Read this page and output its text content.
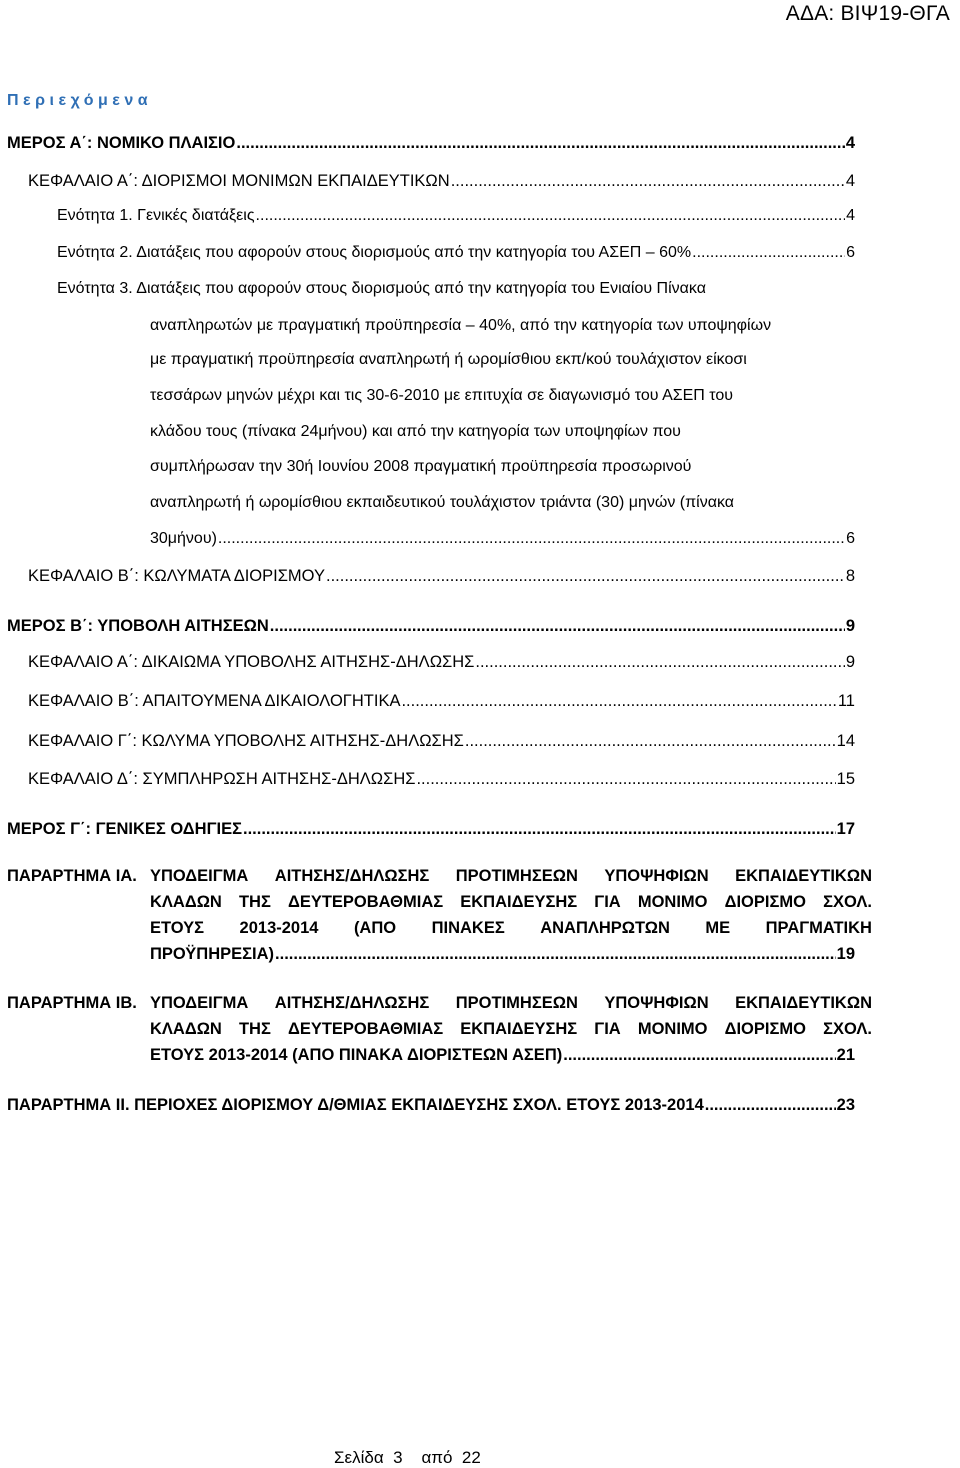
ΑΔΑ: ΒΙΨ19-ΘΓΑ
Περιεχόμενα
ΜΕΡΟΣ Α΄: ΝΟΜΙΚΟ ΠΛΑΙΣΙΟ .....	4
ΚΕΦΑΛΑΙΟ Α΄: ΔΙΟΡΙΣΜΟΙ ΜΟΝΙΜΩΝ ΕΚΠΑΙΔΕΥΤΙΚΩΝ .....	4
Ενότητα 1. Γενικές διατάξεις .....	4
Ενότητα 2. Διατάξεις που αφορούν στους διορισμούς από την κατηγορία του ΑΣΕΠ – 60% .....	6
Ενότητα 3. Διατάξεις που αφορούν στους διορισμούς από την κατηγορία του Ενιαίου Πίνακα
αναπληρωτών με πραγματική προϋπηρεσία – 40%, από την κατηγορία των υποψηφίων
με πραγματική προϋπηρεσία αναπληρωτή ή ωρομίσθιου εκπ/κού τουλάχιστον είκοσι
τεσσάρων μηνών μέχρι και τις 30-6-2010 με επιτυχία σε διαγωνισμό του ΑΣΕΠ του
κλάδου τους (πίνακα 24μήνου) και από την κατηγορία των υποψηφίων που
συμπλήρωσαν την 30ή Ιουνίου 2008 πραγματική προϋπηρεσία προσωρινού
αναπληρωτή ή ωρομίσθιου εκπαιδευτικού τουλάχιστον τριάντα (30) μηνών (πίνακα
30μήνου) .....	6
ΚΕΦΑΛΑΙΟ Β΄: ΚΩΛΥΜΑΤΑ ΔΙΟΡΙΣΜΟΥ .....	8
ΜΕΡΟΣ Β΄: ΥΠΟΒΟΛΗ ΑΙΤΗΣΕΩΝ .....	9
ΚΕΦΑΛΑΙΟ Α΄: ΔΙΚΑΙΩΜΑ ΥΠΟΒΟΛΗΣ ΑΙΤΗΣΗΣ-ΔΗΛΩΣΗΣ .....	9
ΚΕΦΑΛΑΙΟ Β΄: ΑΠΑΙΤΟΥΜΕΝΑ ΔΙΚΑΙΟΛΟΓΗΤΙΚΑ .....	11
ΚΕΦΑΛΑΙΟ Γ΄: ΚΩΛΥΜΑ ΥΠΟΒΟΛΗΣ ΑΙΤΗΣΗΣ-ΔΗΛΩΣΗΣ .....	14
ΚΕΦΑΛΑΙΟ Δ΄: ΣΥΜΠΛΗΡΩΣΗ ΑΙΤΗΣΗΣ-ΔΗΛΩΣΗΣ .....	15
ΜΕΡΟΣ Γ΄: ΓΕΝΙΚΕΣ ΟΔΗΓΙΕΣ .....	17
ΠΑΡΑΡΤΗΜΑ ΙΑ. ΥΠΟΔΕΙΓΜΑ ΑΙΤΗΣΗΣ/ΔΗΛΩΣΗΣ ΠΡΟΤΙΜΗΣΕΩΝ ΥΠΟΨΗΦΙΩΝ ΕΚΠΑΙΔΕΥΤΙΚΩΝ
ΚΛΑΔΩΝ ΤΗΣ ΔΕΥΤΕΡΟΒΑΘΜΙΑΣ ΕΚΠΑΙΔΕΥΣΗΣ ΓΙΑ ΜΟΝΙΜΟ ΔΙΟΡΙΣΜΟ ΣΧΟΛ.
ΕΤΟΥΣ 2013-2014 (ΑΠΟ ΠΙΝΑΚΕΣ ΑΝΑΠΛΗΡΩΤΩΝ ΜΕ ΠΡΑΓΜΑΤΙΚΗ
ΠΡΟΫΠΗΡΕΣΙΑ) .....	19
ΠΑΡΑΡΤΗΜΑ ΙΒ. ΥΠΟΔΕΙΓΜΑ ΑΙΤΗΣΗΣ/ΔΗΛΩΣΗΣ ΠΡΟΤΙΜΗΣΕΩΝ ΥΠΟΨΗΦΙΩΝ ΕΚΠΑΙΔΕΥΤΙΚΩΝ
ΚΛΑΔΩΝ ΤΗΣ ΔΕΥΤΕΡΟΒΑΘΜΙΑΣ ΕΚΠΑΙΔΕΥΣΗΣ ΓΙΑ ΜΟΝΙΜΟ ΔΙΟΡΙΣΜΟ ΣΧΟΛ.
ΕΤΟΥΣ 2013-2014 (ΑΠΟ ΠΙΝΑΚΑ ΔΙΟΡΙΣΤΕΩΝ ΑΣΕΠ) .....	21
ΠΑΡΑΡΤΗΜΑ ΙΙ. ΠΕΡΙΟΧΕΣ ΔΙΟΡΙΣΜΟΥ Δ/ΘΜΙΑΣ ΕΚΠΑΙΔΕΥΣΗΣ ΣΧΟΛ. ΕΤΟΥΣ 2013-2014 .....	23
Σελίδα  3    από  22
